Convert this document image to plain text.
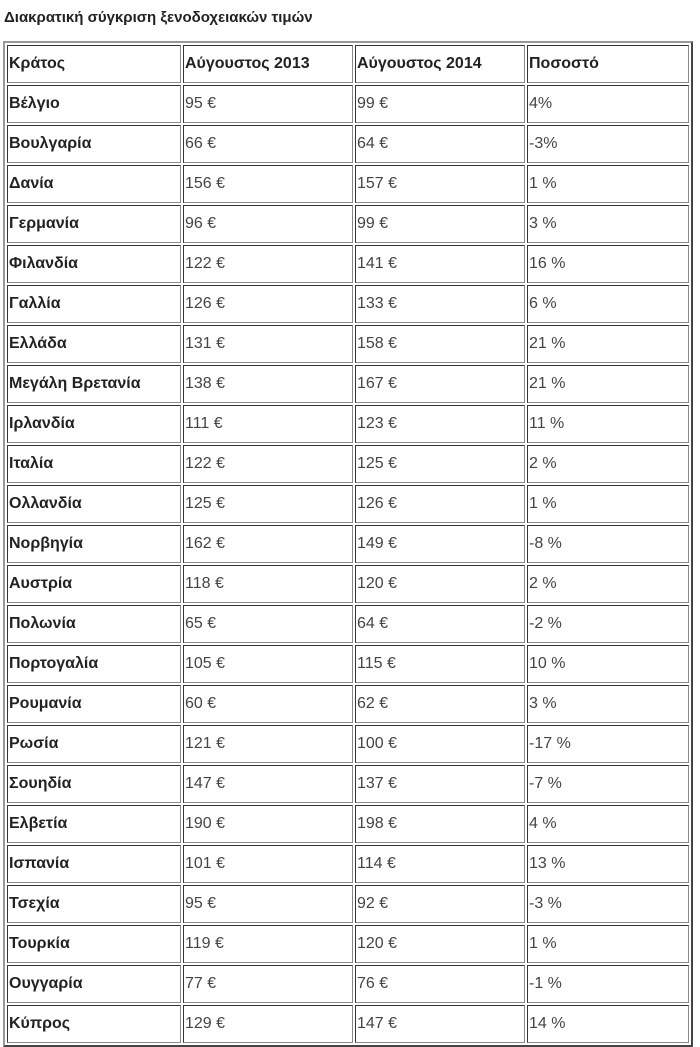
Διακρατική σύγκριση ξενοδοχειακών τιμών
Κράτος	Αύγουστος 2013	Αύγουστος 2014	Ποσοστό
Βέλγιο	95 €	99 €	4%
Βουλγαρία	66 €	64 €	-3%
Δανία	156 €	157 €	1 %
Γερμανία	96 €	99 €	3 %
Φιλανδία	122 €	141 €	16 %
Γαλλία	126 €	133 €	6 %
Ελλάδα	131 €	158 €	21 %
Μεγάλη Βρετανία	138 €	167 €	21 %
Ιρλανδία	111 €	123 €	11 %
Ιταλία	122 €	125 €	2 %
Ολλανδία	125 €	126 €	1 %
Νορβηγία	162 €	149 €	-8 %
Αυστρία	118 €	120 €	2 %
Πολωνία	65 €	64 €	-2 %
Πορτογαλία	105 €	115 €	10 %
Ρουμανία	60 €	62 €	3 %
Ρωσία	121 €	100 €	-17 %
Σουηδία	147 €	137 €	-7 %
Ελβετία	190 €	198 €	4 %
Ισπανία	101 €	114 €	13 %
Τσεχία	95 €	92 €	-3 %
Τουρκία	119 €	120 €	1 %
Ουγγαρία	77 €	76 €	-1 %
Κύπρος	129 €	147 €	14 %
